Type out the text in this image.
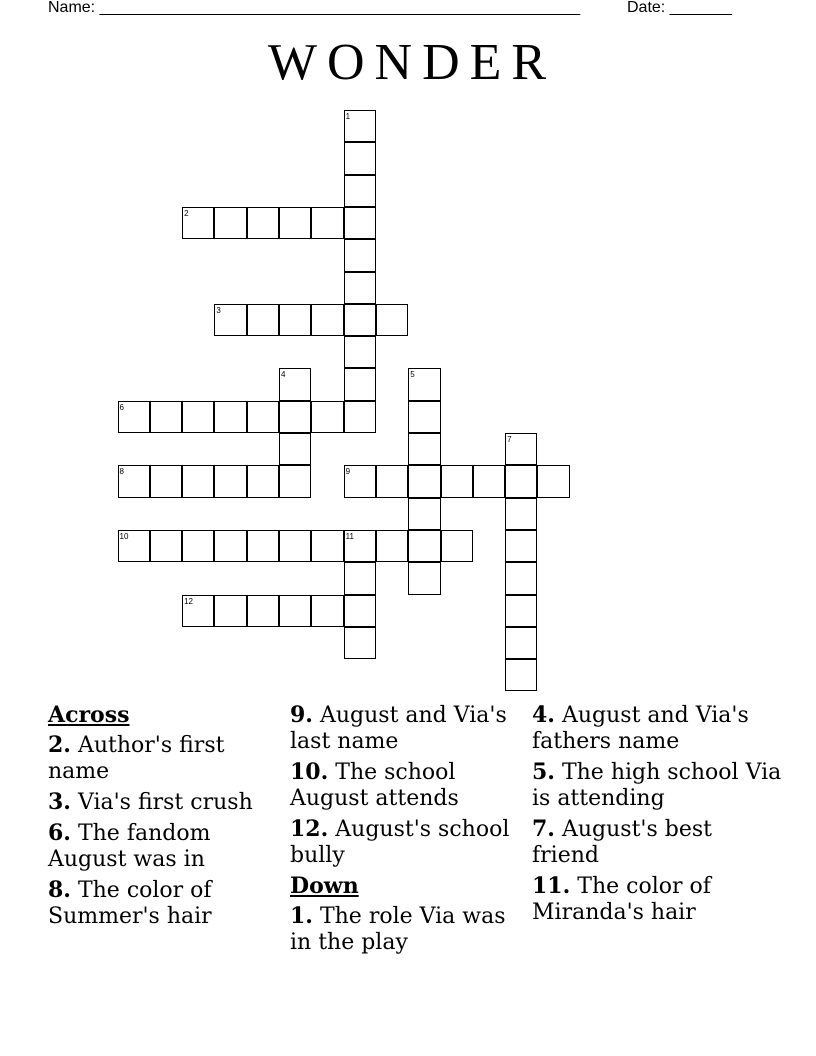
Name: ______________________________________________________

	Date: _______

WONDER
1
2
3
4	5
6
7
8	9
10	11
12
Across
2. Author's first name
3. Via's first crush
6. The fandom August was in
8. The color of Summer's hair
9. August and Via's last name
10. The school August attends
12. August's school bully
Down
1. The role Via was in the play
4. August and Via's fathers name
5. The high school Via is attending
7. August's best friend
11. The color of Miranda's hair
